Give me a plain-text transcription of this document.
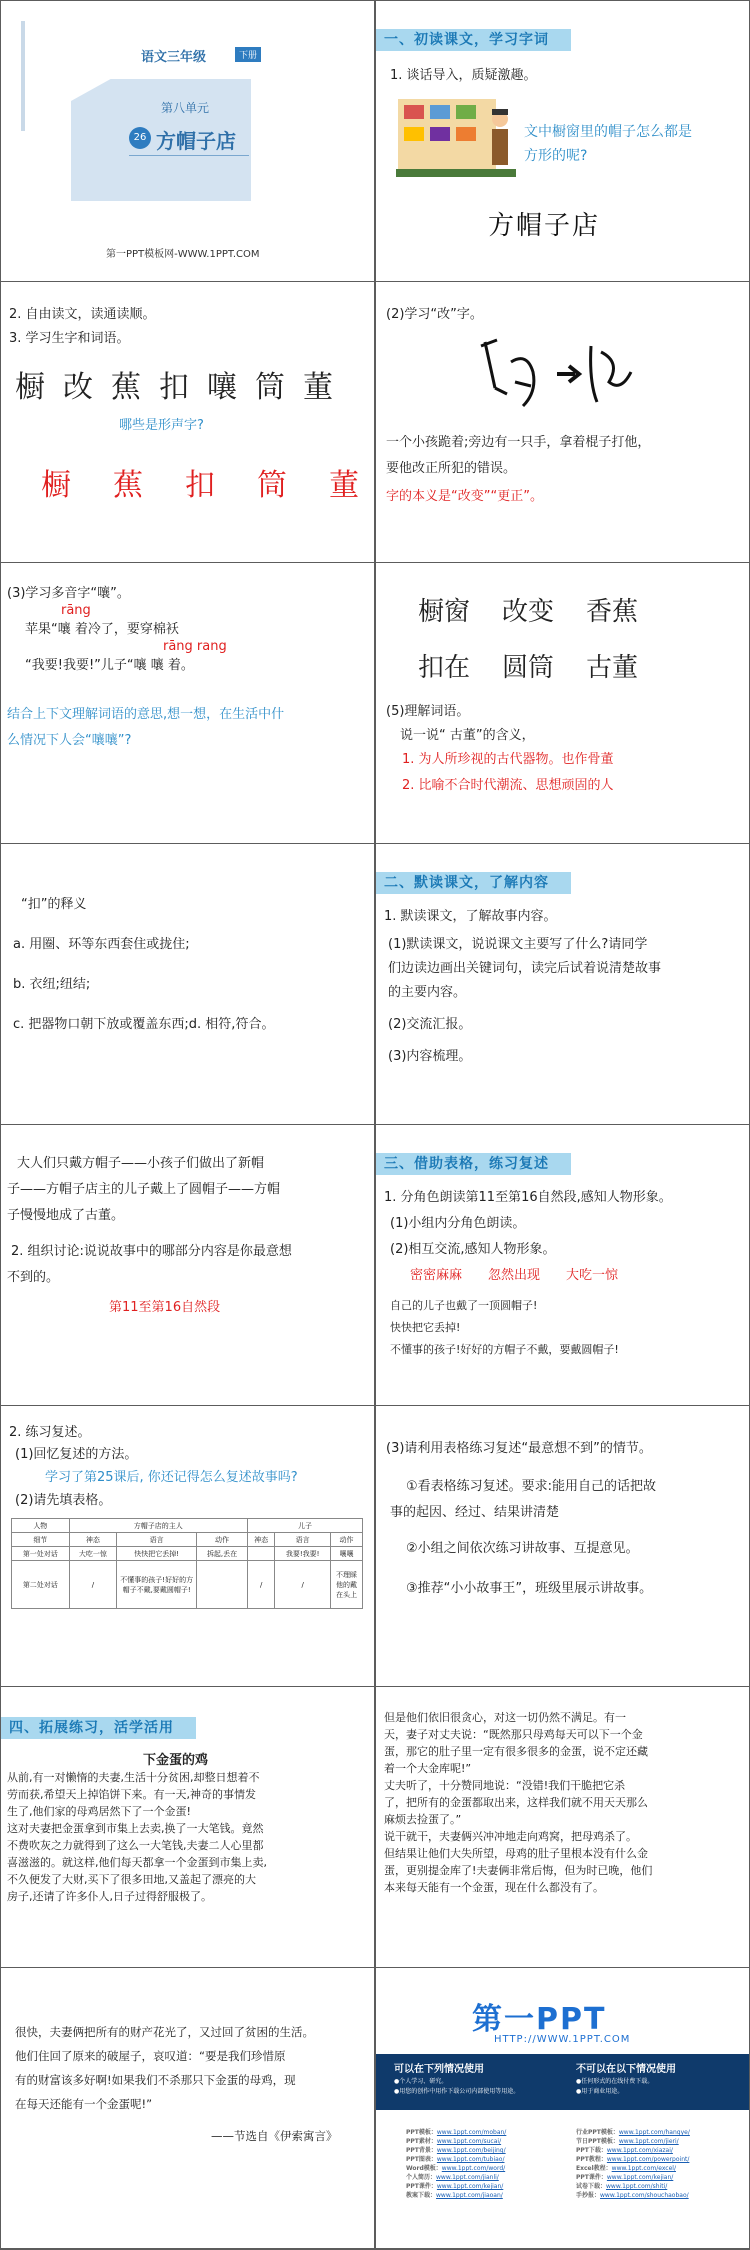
语文三年级	下册
第八单元
26 方帽子店
第一PPT模板网-WWW.1PPT.COM
一、初读课文，学习字词
1. 谈话导入，质疑激趣。
文中橱窗里的帽子怎么都是
方形的呢?
方帽子店
2. 自由读文，读通读顺。
3. 学习生字和词语。
橱 改 蕉 扣 嚷 筒 董
哪些是形声字?
橱 蕉 扣 筒 董
(2)学习“改”字。
一个小孩跪着;旁边有一只手，拿着棍子打他，
要他改正所犯的错误。
字的本义是“改变”“更正”。
(3)学习多音字“嚷”。
rāng
苹果“嚷 着冷了，要穿棉袄
rāng rang
“我要!我要!”儿子“嚷 嚷 着。
结合上下文理解词语的意思,想一想，在生活中什
么情况下人会“嚷嚷”?
橱窗 改变 香蕉
扣在 圆筒 古董
(5)理解词语。
说一说“ 古董”的含义，
1. 为人所珍视的古代器物。也作骨董
2. 比喻不合时代潮流、思想顽固的人
“扣”的释义
a. 用圈、环等东西套住或拢住;
b. 衣纽;纽结;
c. 把器物口朝下放或覆盖东西;d. 相符,符合。
二、默读课文，了解内容
1. 默读课文，了解故事内容。
(1)默读课文，说说课文主要写了什么?请同学
们边读边画出关键词句，读完后试着说清楚故事
的主要内容。
(2)交流汇报。
(3)内容梳理。
大人们只戴方帽子——小孩子们做出了新帽
子——方帽子店主的儿子戴上了圆帽子——方帽
子慢慢地成了古董。
2. 组织讨论:说说故事中的哪部分内容是你最意想
不到的。
第11至第16自然段
三、借助表格，练习复述
1. 分角色朗读第11至第16自然段,感知人物形象。
(1)小组内分角色朗读。
(2)相互交流,感知人物形象。
密密麻麻 忽然出现 大吃一惊
自己的儿子也戴了一顶圆帽子!
快快把它丢掉!
不懂事的孩子!好好的方帽子不戴，要戴圆帽子!
2. 练习复述。
(1)回忆复述的方法。
学习了第25课后, 你还记得怎么复述故事吗?
(2)请先填表格。
人物	方帽子店的主人			儿子		
细节	神态	语言	动作	神态	语言	动作
第一处对话	大吃一惊	快快把它丢掉!	拆起,丢在		我要!我要!	嚷嚷
第二处对话	/	不懂事的孩子!好好的方帽子不戴,要戴圆帽子!		/	/	不理睬他的戴在头上
(3)请利用表格练习复述“最意想不到”的情节。
①看表格练习复述。要求:能用自己的话把故
事的起因、经过、结果讲清楚
②小组之间依次练习讲故事、互提意见。
③推荐“小小故事王”，班级里展示讲故事。
四、拓展练习，活学活用
下金蛋的鸡
从前,有一对懒惰的夫妻,生活十分贫困,却整日想着不
劳而获,希望天上掉馅饼下来。有一天,神奇的事情发
生了,他们家的母鸡居然下了一个金蛋!
这对夫妻把金蛋拿到市集上去卖,换了一大笔钱。竟然
不费吹灰之力就得到了这么一大笔钱,夫妻二人心里都
喜滋滋的。就这样,他们每天都拿一个金蛋到市集上卖,
不久便发了大财,买下了很多田地,又盖起了漂亮的大
房子,还请了许多仆人,日子过得舒服极了。
但是他们依旧很贪心，对这一切仍然不满足。有一
天，妻子对丈夫说：“既然那只母鸡每天可以下一个金
蛋，那它的肚子里一定有很多很多的金蛋，说不定还藏
着一个大金库呢!”
丈夫听了，十分赞同地说：“没错!我们干脆把它杀
了，把所有的金蛋都取出来，这样我们就不用天天那么
麻烦去捡蛋了。”
说干就干，夫妻俩兴冲冲地走向鸡窝，把母鸡杀了。
但结果让他们大失所望，母鸡的肚子里根本没有什么金
蛋，更别提金库了!夫妻俩非常后悔，但为时已晚，他们
本来每天能有一个金蛋，现在什么都没有了。
很快，夫妻俩把所有的财产花光了，又过回了贫困的生活。
他们住回了原来的破屋子，哀叹道：“要是我们珍惜原
有的财富该多好啊!如果我们不杀那只下金蛋的母鸡，现
在每天还能有一个金蛋呢!”
——节选自《伊索寓言》
第一PPT
HTTP://WWW.1PPT.COM
可以在下列情况使用
●个人学习、研究。
●用您的创作中用作下载公司内部使用等用途。
不可以在以下情况使用
●任何形式的在线付费下载。
●用于商业用途。
PPT模板：www.1ppt.com/moban/
PPT素材：www.1ppt.com/sucai/
PPT背景：www.1ppt.com/beijing/
PPT图表：www.1ppt.com/tubiao/
Word模板：www.1ppt.com/word/
个人简历：www.1ppt.com/jianli/
PPT课件：www.1ppt.com/kejian/
教案下载：www.1ppt.com/jiaoan/
行业PPT模板：www.1ppt.com/hangye/
节日PPT模板：www.1ppt.com/jieri/
PPT下载：www.1ppt.com/xiazai/
PPT教程：www.1ppt.com/powerpoint/
Excel教程：www.1ppt.com/excel/
PPT课件：www.1ppt.com/kejian/
试卷下载：www.1ppt.com/shiti/
手抄报：www.1ppt.com/shouchaobao/
